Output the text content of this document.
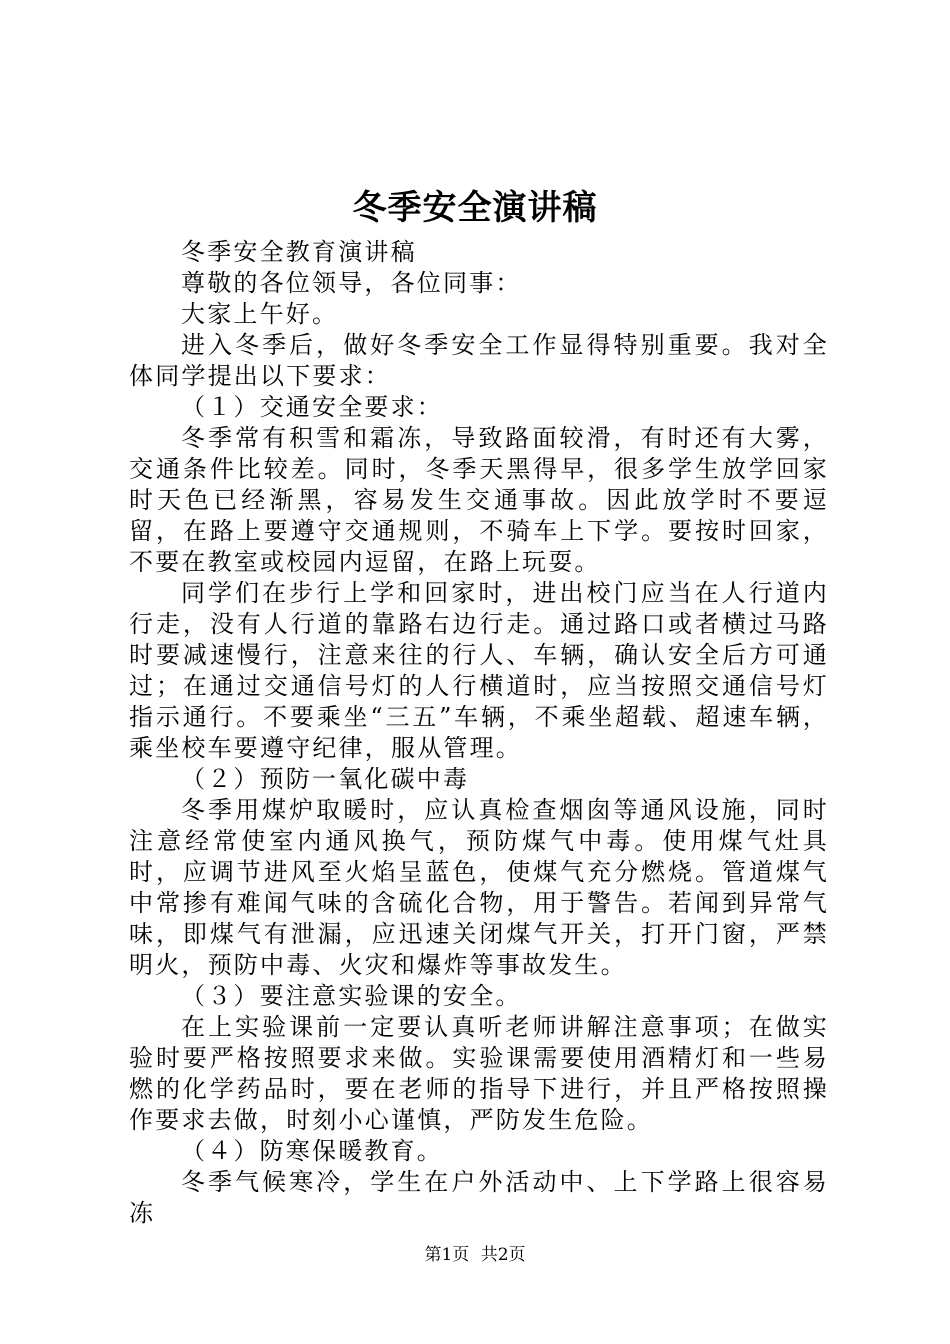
冬季安全演讲稿

冬季安全教育演讲稿

尊敬的各位领导，各位同事：

大家上午好。

进入冬季后，做好冬季安全工作显得特别重要。我对全体同学提出以下要求：

（１）交通安全要求：

冬季常有积雪和霜冻，导致路面较滑，有时还有大雾，交通条件比较差。同时，冬季天黑得早，很多学生放学回家时天色已经渐黑，容易发生交通事故。因此放学时不要逗留，在路上要遵守交通规则，不骑车上下学。要按时回家，不要在教室或校园内逗留，在路上玩耍。

同学们在步行上学和回家时，进出校门应当在人行道内行走，没有人行道的靠路右边行走。通过路口或者横过马路时要减速慢行，注意来往的行人、车辆，确认安全后方可通过；在通过交通信号灯的人行横道时，应当按照交通信号灯指示通行。不要乘坐“三五”车辆，不乘坐超载、超速车辆，乘坐校车要遵守纪律，服从管理。

（２）预防一氧化碳中毒

冬季用煤炉取暖时，应认真检查烟囱等通风设施，同时注意经常使室内通风换气，预防煤气中毒。使用煤气灶具时，应调节进风至火焰呈蓝色，使煤气充分燃烧。管道煤气中常掺有难闻气味的含硫化合物，用于警告。若闻到异常气味，即煤气有泄漏，应迅速关闭煤气开关，打开门窗，严禁明火，预防中毒、火灾和爆炸等事故发生。

（３）要注意实验课的安全。

在上实验课前一定要认真听老师讲解注意事项；在做实验时要严格按照要求来做。实验课需要使用酒精灯和一些易燃的化学药品时，要在老师的指导下进行，并且严格按照操作要求去做，时刻小心谨慎，严防发生危险。

（４）防寒保暖教育。

冬季气候寒冷，学生在户外活动中、上下学路上很容易冻

第1页 共2页
